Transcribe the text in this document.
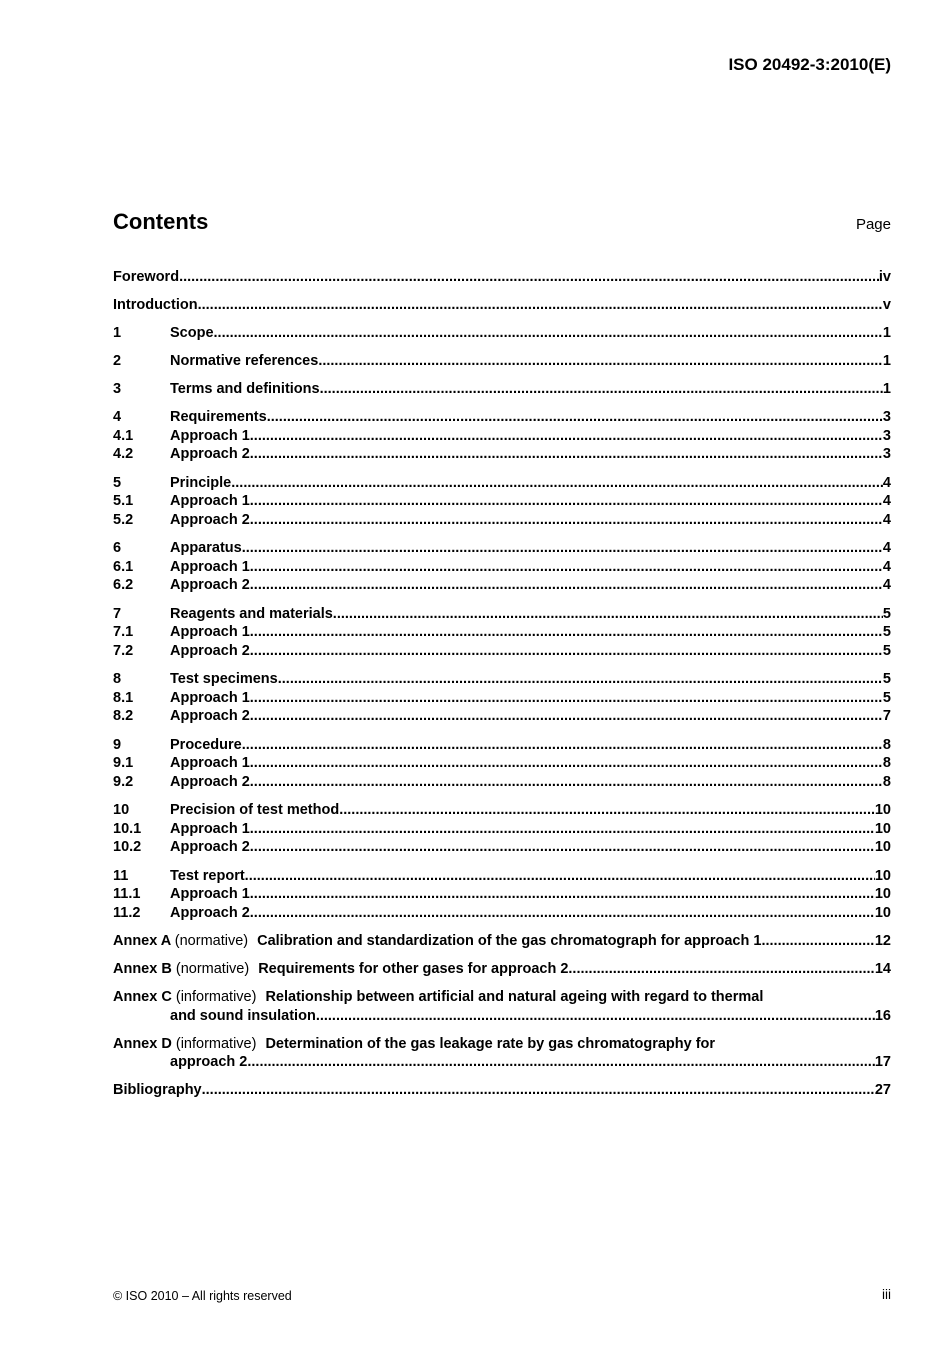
ISO 20492-3:2010(E)
Contents	Page
Foreword .....	iv
Introduction .....	v
1	Scope .....	1
2	Normative references .....	1
3	Terms and definitions .....	1
4	Requirements .....	3
4.1	Approach 1 .....	3
4.2	Approach 2 .....	3
5	Principle .....	4
5.1	Approach 1 .....	4
5.2	Approach 2 .....	4
6	Apparatus .....	4
6.1	Approach 1 .....	4
6.2	Approach 2 .....	4
7	Reagents and materials .....	5
7.1	Approach 1 .....	5
7.2	Approach 2 .....	5
8	Test specimens .....	5
8.1	Approach 1 .....	5
8.2	Approach 2 .....	7
9	Procedure .....	8
9.1	Approach 1 .....	8
9.2	Approach 2 .....	8
10	Precision of test method .....	10
10.1	Approach 1 .....	10
10.2	Approach 2 .....	10
11	Test report .....	10
11.1	Approach 1 .....	10
11.2	Approach 2 .....	10
Annex A (normative) Calibration and standardization of the gas chromatograph for approach 1 .....	12
Annex B (normative) Requirements for other gases for approach 2 .....	14
Annex C (informative) Relationship between artificial and natural ageing with regard to thermal
and sound insulation .....	16
Annex D (informative) Determination of the gas leakage rate by gas chromatography for
approach 2 .....	17
Bibliography .....	27
© ISO 2010 – All rights reserved	iii
